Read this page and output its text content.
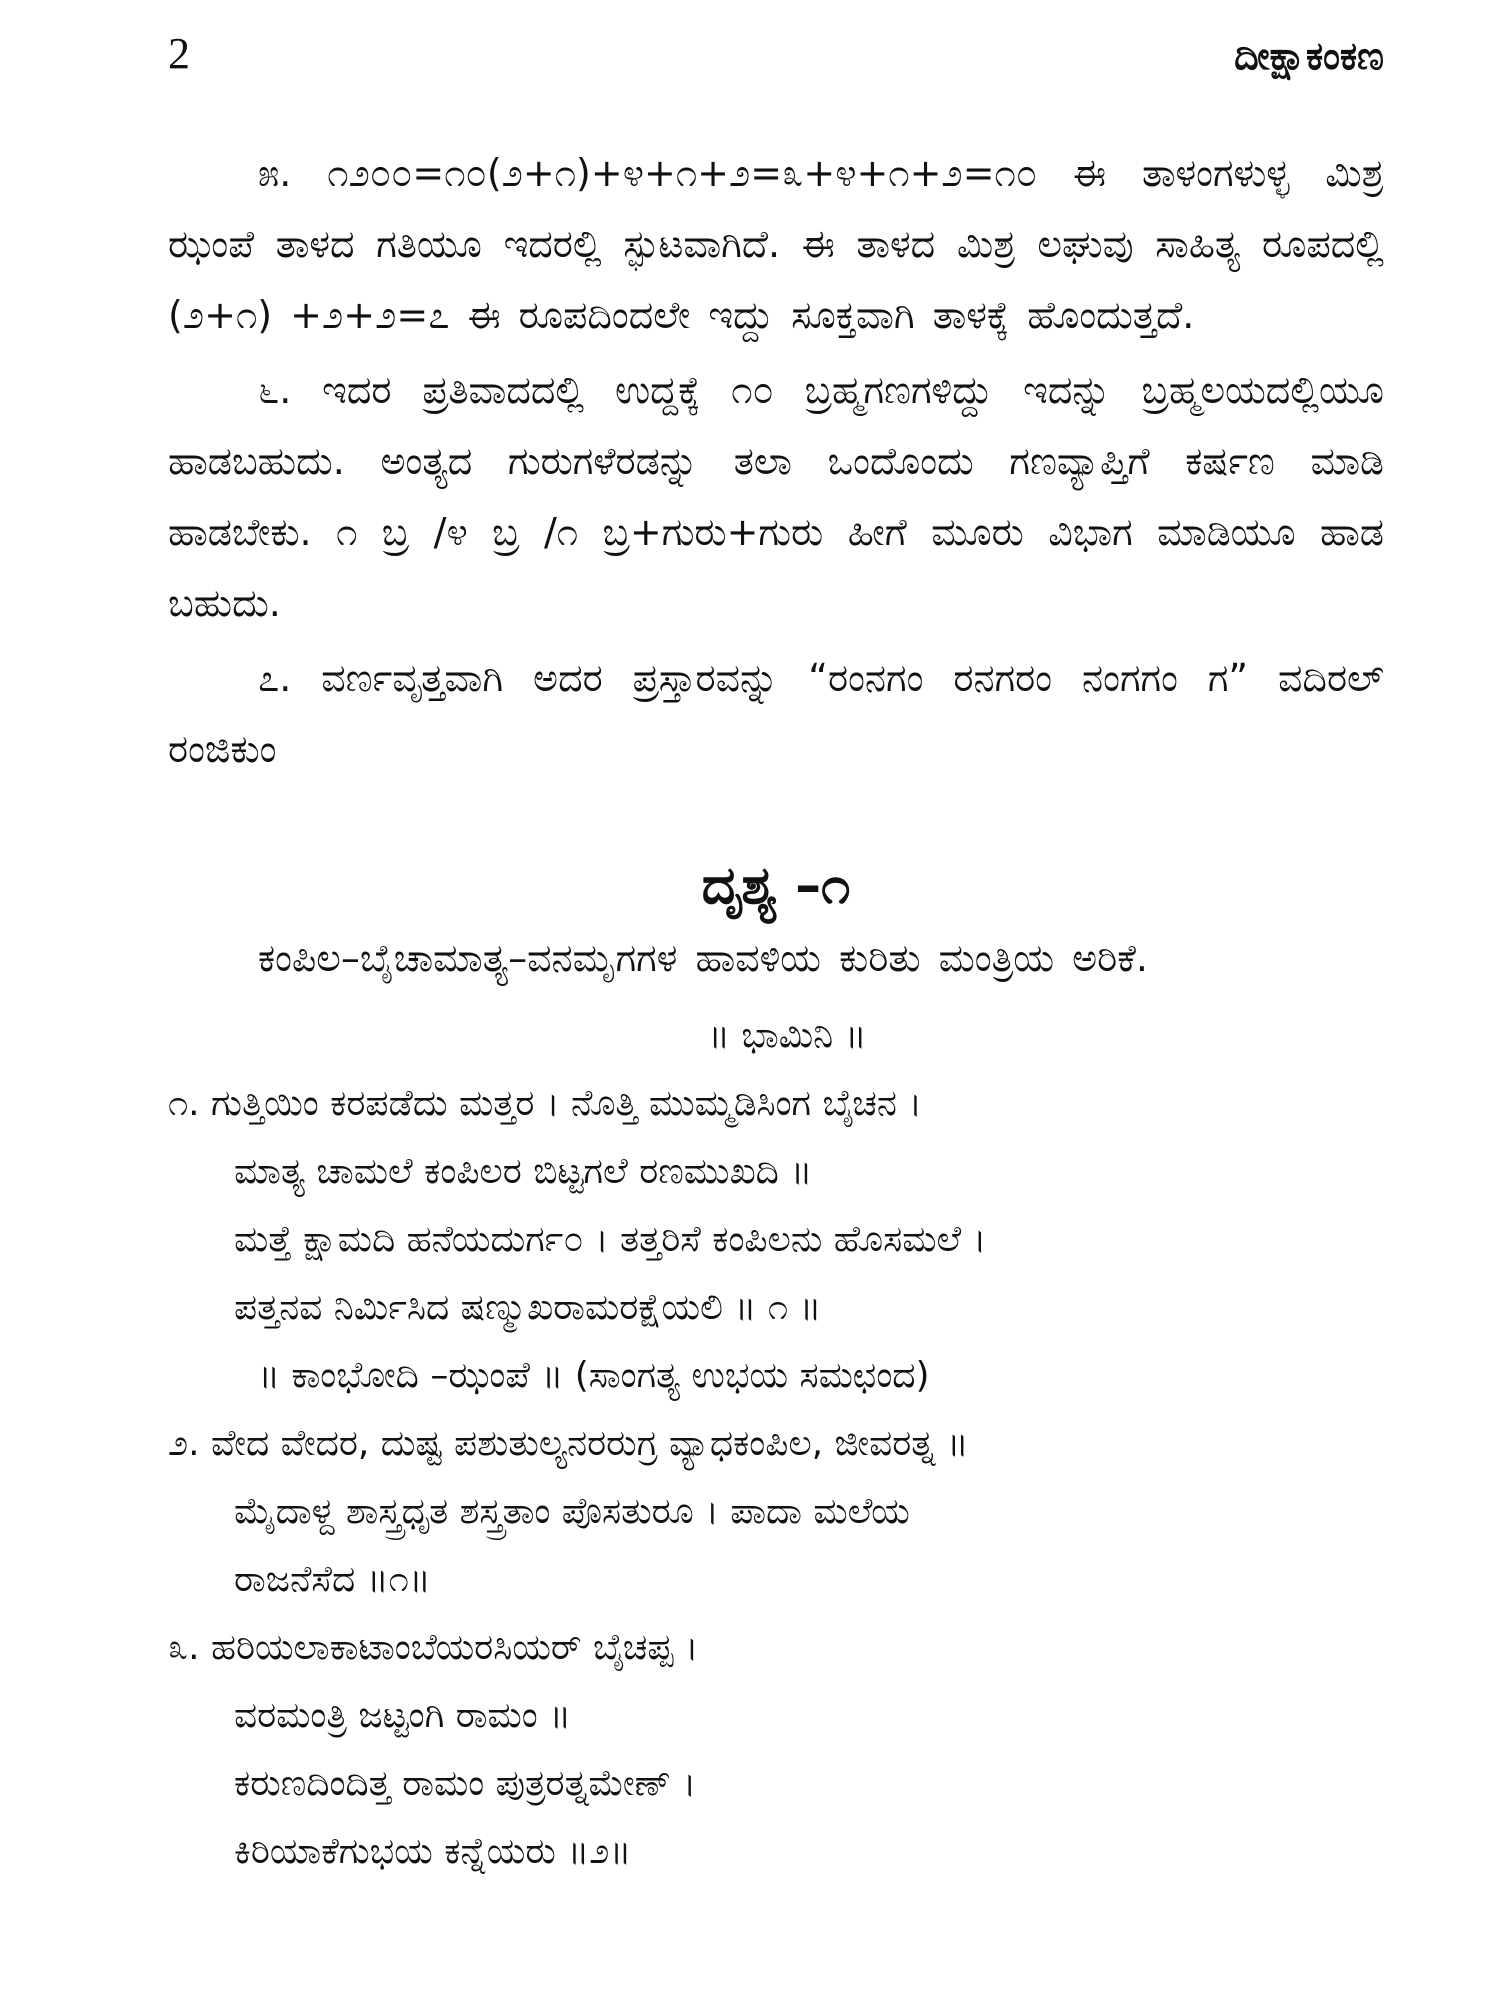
2	ದೀಕ್ಷಾಕಂಕಣ

೫. ೧೨೦೦=೧೦(೨+೧)+೪+೧+೨=೩+೪+೧+೨=೧೦ ಈ ತಾಳಂಗಳುಳ್ಳ ಮಿಶ್ರ ಝಂಪೆ ತಾಳದ ಗತಿಯೂ ಇದರಲ್ಲಿ ಸ್ಫುಟವಾಗಿದೆ. ಈ ತಾಳದ ಮಿಶ್ರ ಲಘುವು ಸಾಹಿತ್ಯ ರೂಪದಲ್ಲಿ (೨+೧) +೨+೨=೭ ಈ ರೂಪದಿಂದಲೇ ಇದ್ದು ಸೂಕ್ತವಾಗಿ ತಾಳಕ್ಕೆ ಹೊಂದುತ್ತದೆ.

೬. ಇದರ ಪ್ರತಿವಾದದಲ್ಲಿ ಉದ್ದಕ್ಕೆ ೧೦ ಬ್ರಹ್ಮಗಣಗಳಿದ್ದು ಇದನ್ನು ಬ್ರಹ್ಮಲಯದಲ್ಲಿಯೂ ಹಾಡಬಹುದು. ಅಂತ್ಯದ ಗುರುಗಳೆರಡನ್ನು ತಲಾ ಒಂದೊಂದು ಗಣವ್ಯಾಪ್ತಿಗೆ ಕರ್ಷಣ ಮಾಡಿ ಹಾಡಬೇಕು. ೧ ಬ್ರ /೪ ಬ್ರ /೧ ಬ್ರ+ಗುರು+ಗುರು ಹೀಗೆ ಮೂರು ವಿಭಾಗ ಮಾಡಿಯೂ ಹಾಡ ಬಹುದು.

೭. ವರ್ಣವೃತ್ತವಾಗಿ ಅದರ ಪ್ರಸ್ತಾರವನ್ನು “ರಂನಗಂ ರನಗರಂ ನಂಗಗಂ ಗ” ವದಿರಲ್ ರಂಜಿಕುಂ

ದೃಶ್ಯ –೧

ಕಂಪಿಲ–ಬೈಚಾಮಾತ್ಯ–ವನಮೃಗಗಳ ಹಾವಳಿಯ ಕುರಿತು ಮಂತ್ರಿಯ ಅರಿಕೆ.

॥ ಭಾಮಿನಿ ॥
೧. ಗುತ್ತಿಯಿಂ ಕರಪಡೆದು ಮತ್ತರ । ನೊತ್ತಿ ಮುಮ್ಮಡಿಸಿಂಗ ಬೈಚನ ।
ಮಾತ್ಯ ಚಾಮಲೆ ಕಂಪಿಲರ ಬಿಟ್ಟಗಲೆ ರಣಮುಖದಿ ॥
ಮತ್ತೆ ಕ್ಷಾಮದಿ ಹನೆಯದುರ್ಗ೦ । ತತ್ತರಿಸೆ ಕಂಪಿಲನು ಹೊಸಮಲೆ ।
ಪತ್ತನವ ನಿರ್ಮಿಸಿದ ಷಣ್ಮುಖರಾಮರಕ್ಷೆಯಲಿ ॥ ೧ ॥
॥ ಕಾಂಭೋದಿ –ಝಂಪೆ ॥ (ಸಾಂಗತ್ಯ ಉಭಯ ಸಮಛಂದ)
೨. ವೇದ ವೇದರ, ದುಷ್ಟ ಪಶುತುಲ್ಯನರರುಗ್ರ ವ್ಯಾಧಕಂಪಿಲ, ಜೀವರತ್ನ ॥
ಮೈದಾಳ್ದ ಶಾಸ್ತ್ರಧೃತ ಶಸ್ತ್ರತಾಂ ಪೊಸತುರೂ । ಪಾದಾ ಮಲೆಯ
ರಾಜನೆಸೆದ ॥೧॥
೩. ಹರಿಯಲಾಕಾಟಾಂಬೆಯರಸಿಯರ್ ಬೈಚಪ್ಪ ।
ವರಮಂತ್ರಿ ಜಟ್ಟಂಗಿ ರಾಮಂ ॥
ಕರುಣದಿಂದಿತ್ತ ರಾಮಂ ಪುತ್ರರತ್ನಮೇಣ್ ।
ಕಿರಿಯಾಕೆಗುಭಯ ಕನ್ನೆಯರು ॥೨॥
